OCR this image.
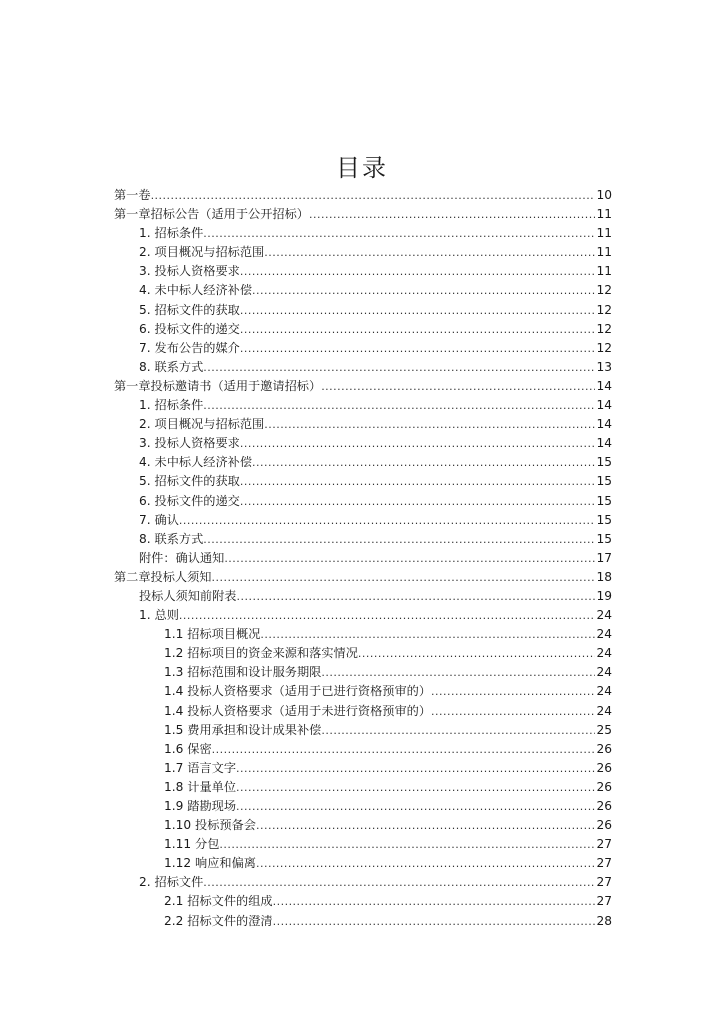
目录
第一卷 .....	10
第一章招标公告（适用于公开招标） .....	11
1. 招标条件 .....	11
2. 项目概况与招标范围 .....	11
3. 投标人资格要求 .....	11
4. 未中标人经济补偿 .....	12
5. 招标文件的获取 .....	12
6. 投标文件的递交 .....	12
7. 发布公告的媒介 .....	12
8. 联系方式 .....	13
第一章投标邀请书（适用于邀请招标） .....	14
1. 招标条件 .....	14
2. 项目概况与招标范围 .....	14
3. 投标人资格要求 .....	14
4. 未中标人经济补偿 .....	15
5. 招标文件的获取 .....	15
6. 投标文件的递交 .....	15
7. 确认 .....	15
8. 联系方式 .....	15
附件：确认通知 .....	17
第二章投标人须知 .....	18
投标人须知前附表 .....	19
1. 总则 .....	24
1.1 招标项目概况 .....	24
1.2 招标项目的资金来源和落实情况 .....	24
1.3 招标范围和设计服务期限 .....	24
1.4 投标人资格要求（适用于已进行资格预审的） .....	24
1.4 投标人资格要求（适用于未进行资格预审的） .....	24
1.5 费用承担和设计成果补偿 .....	25
1.6 保密 .....	26
1.7 语言文字 .....	26
1.8 计量单位 .....	26
1.9 踏勘现场 .....	26
1.10 投标预备会 .....	26
1.11 分包 .....	27
1.12 响应和偏离 .....	27
2. 招标文件 .....	27
2.1 招标文件的组成 .....	27
2.2 招标文件的澄清 .....	28
